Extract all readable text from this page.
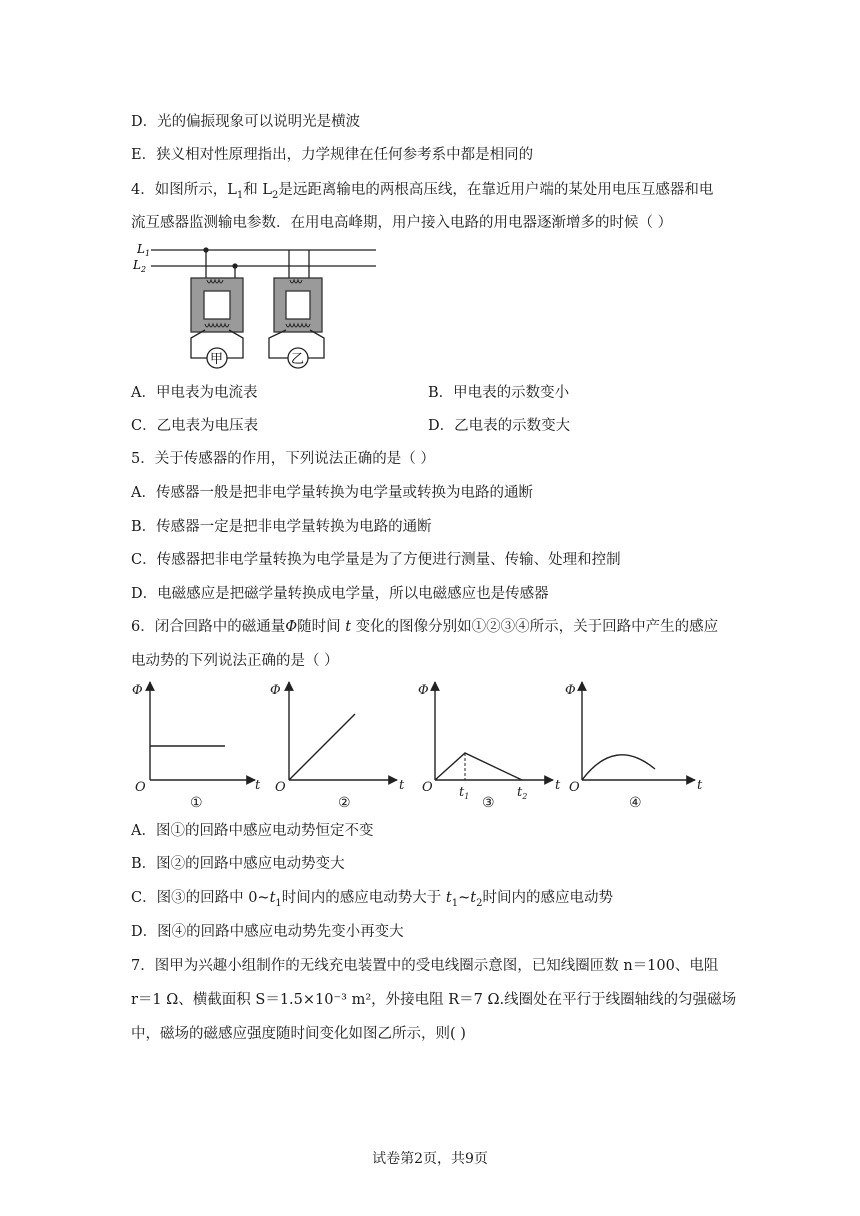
D．光的偏振现象可以说明光是横波
E．狭义相对性原理指出，力学规律在任何参考系中都是相同的
4．如图所示，$L_1$和 $L_2$是远距离输电的两根高压线，在靠近用户端的某处用电压互感器和电
流互感器监测输电参数．在用电高峰期，用户接入电路的用电器逐渐增多的时候（ ）
$L_1$
$L_2$
甲	乙
A．甲电表为电流表	B．甲电表的示数变小
C．乙电表为电压表	D．乙电表的示数变大
5．关于传感器的作用，下列说法正确的是（ ）
A．传感器一般是把非电学量转换为电学量或转换为电路的通断
B．传感器一定是把非电学量转换为电路的通断
C．传感器把非电学量转换为电学量是为了方便进行测量、传输、处理和控制
D．电磁感应是把磁学量转换成电学量，所以电磁感应也是传感器
6．闭合回路中的磁通量Φ随时间 t 变化的图像分别如①②③④所示，关于回路中产生的感应
电动势的下列说法正确的是（ ）
Φ
O	t
Φ
O	t
Φ
O	t
$t_1$	$t_2$
Φ
O	t
①	②	③	④
A．图①的回路中感应电动势恒定不变
B．图②的回路中感应电动势变大
C．图③的回路中 $0\sim t_1$时间内的感应电动势大于 $t_1\sim t_2$时间内的感应电动势
D．图④的回路中感应电动势先变小再变大
7．图甲为兴趣小组制作的无线充电装置中的受电线圈示意图，已知线圈匝数 n＝100、电阻
r＝1 Ω、横截面积 S＝1.5×10⁻³ m²，外接电阻 R＝7 Ω.线圈处在平行于线圈轴线的匀强磁场
中，磁场的磁感应强度随时间变化如图乙所示，则( )
试卷第2页，共9页
